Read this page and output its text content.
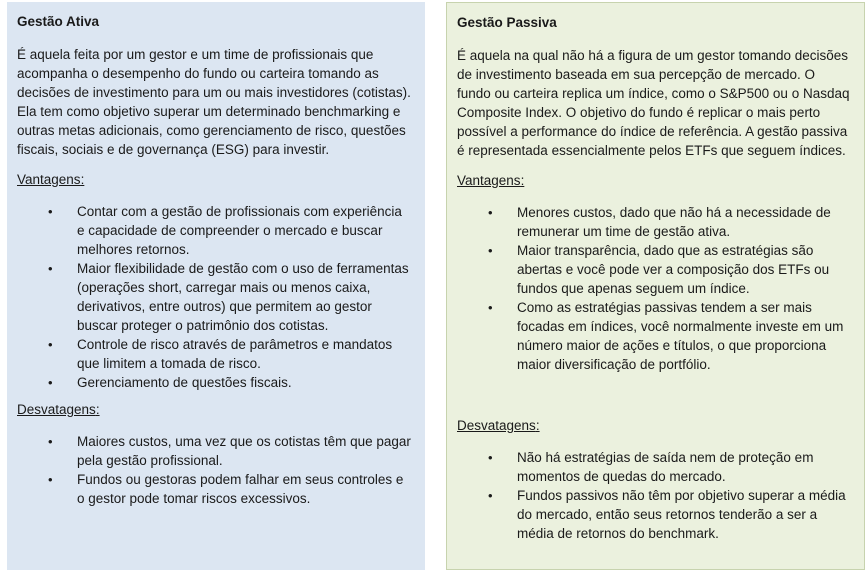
Gestão Ativa
É aquela feita por um gestor e um time de profissionais que acompanha o desempenho do fundo ou carteira tomando as decisões de investimento para um ou mais investidores (cotistas). Ela tem como objetivo superar um determinado benchmarking e outras metas adicionais, como gerenciamento de risco, questões fiscais, sociais e de governança (ESG) para investir.
Vantagens:
• Contar com a gestão de profissionais com experiência e capacidade de compreender o mercado e buscar melhores retornos.
• Maior flexibilidade de gestão com o uso de ferramentas (operações short, carregar mais ou menos caixa, derivativos, entre outros) que permitem ao gestor buscar proteger o patrimônio dos cotistas.
• Controle de risco através de parâmetros e mandatos que limitem a tomada de risco.
• Gerenciamento de questões fiscais.
Desvatagens:
• Maiores custos, uma vez que os cotistas têm que pagar pela gestão profissional.
• Fundos ou gestoras podem falhar em seus controles e o gestor pode tomar riscos excessivos.
Gestão Passiva
É aquela na qual não há a figura de um gestor tomando decisões de investimento baseada em sua percepção de mercado. O fundo ou carteira replica um índice, como o S&P500 ou o Nasdaq Composite Index. O objetivo do fundo é replicar o mais perto possível a performance do índice de referência. A gestão passiva é representada essencialmente pelos ETFs que seguem índices.
Vantagens:
• Menores custos, dado que não há a necessidade de remunerar um time de gestão ativa.
• Maior transparência, dado que as estratégias são abertas e você pode ver a composição dos ETFs ou fundos que apenas seguem um índice.
• Como as estratégias passivas tendem a ser mais focadas em índices, você normalmente investe em um número maior de ações e títulos, o que proporciona maior diversificação de portfólio.
Desvatagens:
• Não há estratégias de saída nem de proteção em momentos de quedas do mercado.
• Fundos passivos não têm por objetivo superar a média do mercado, então seus retornos tenderão a ser a média de retornos do benchmark.
